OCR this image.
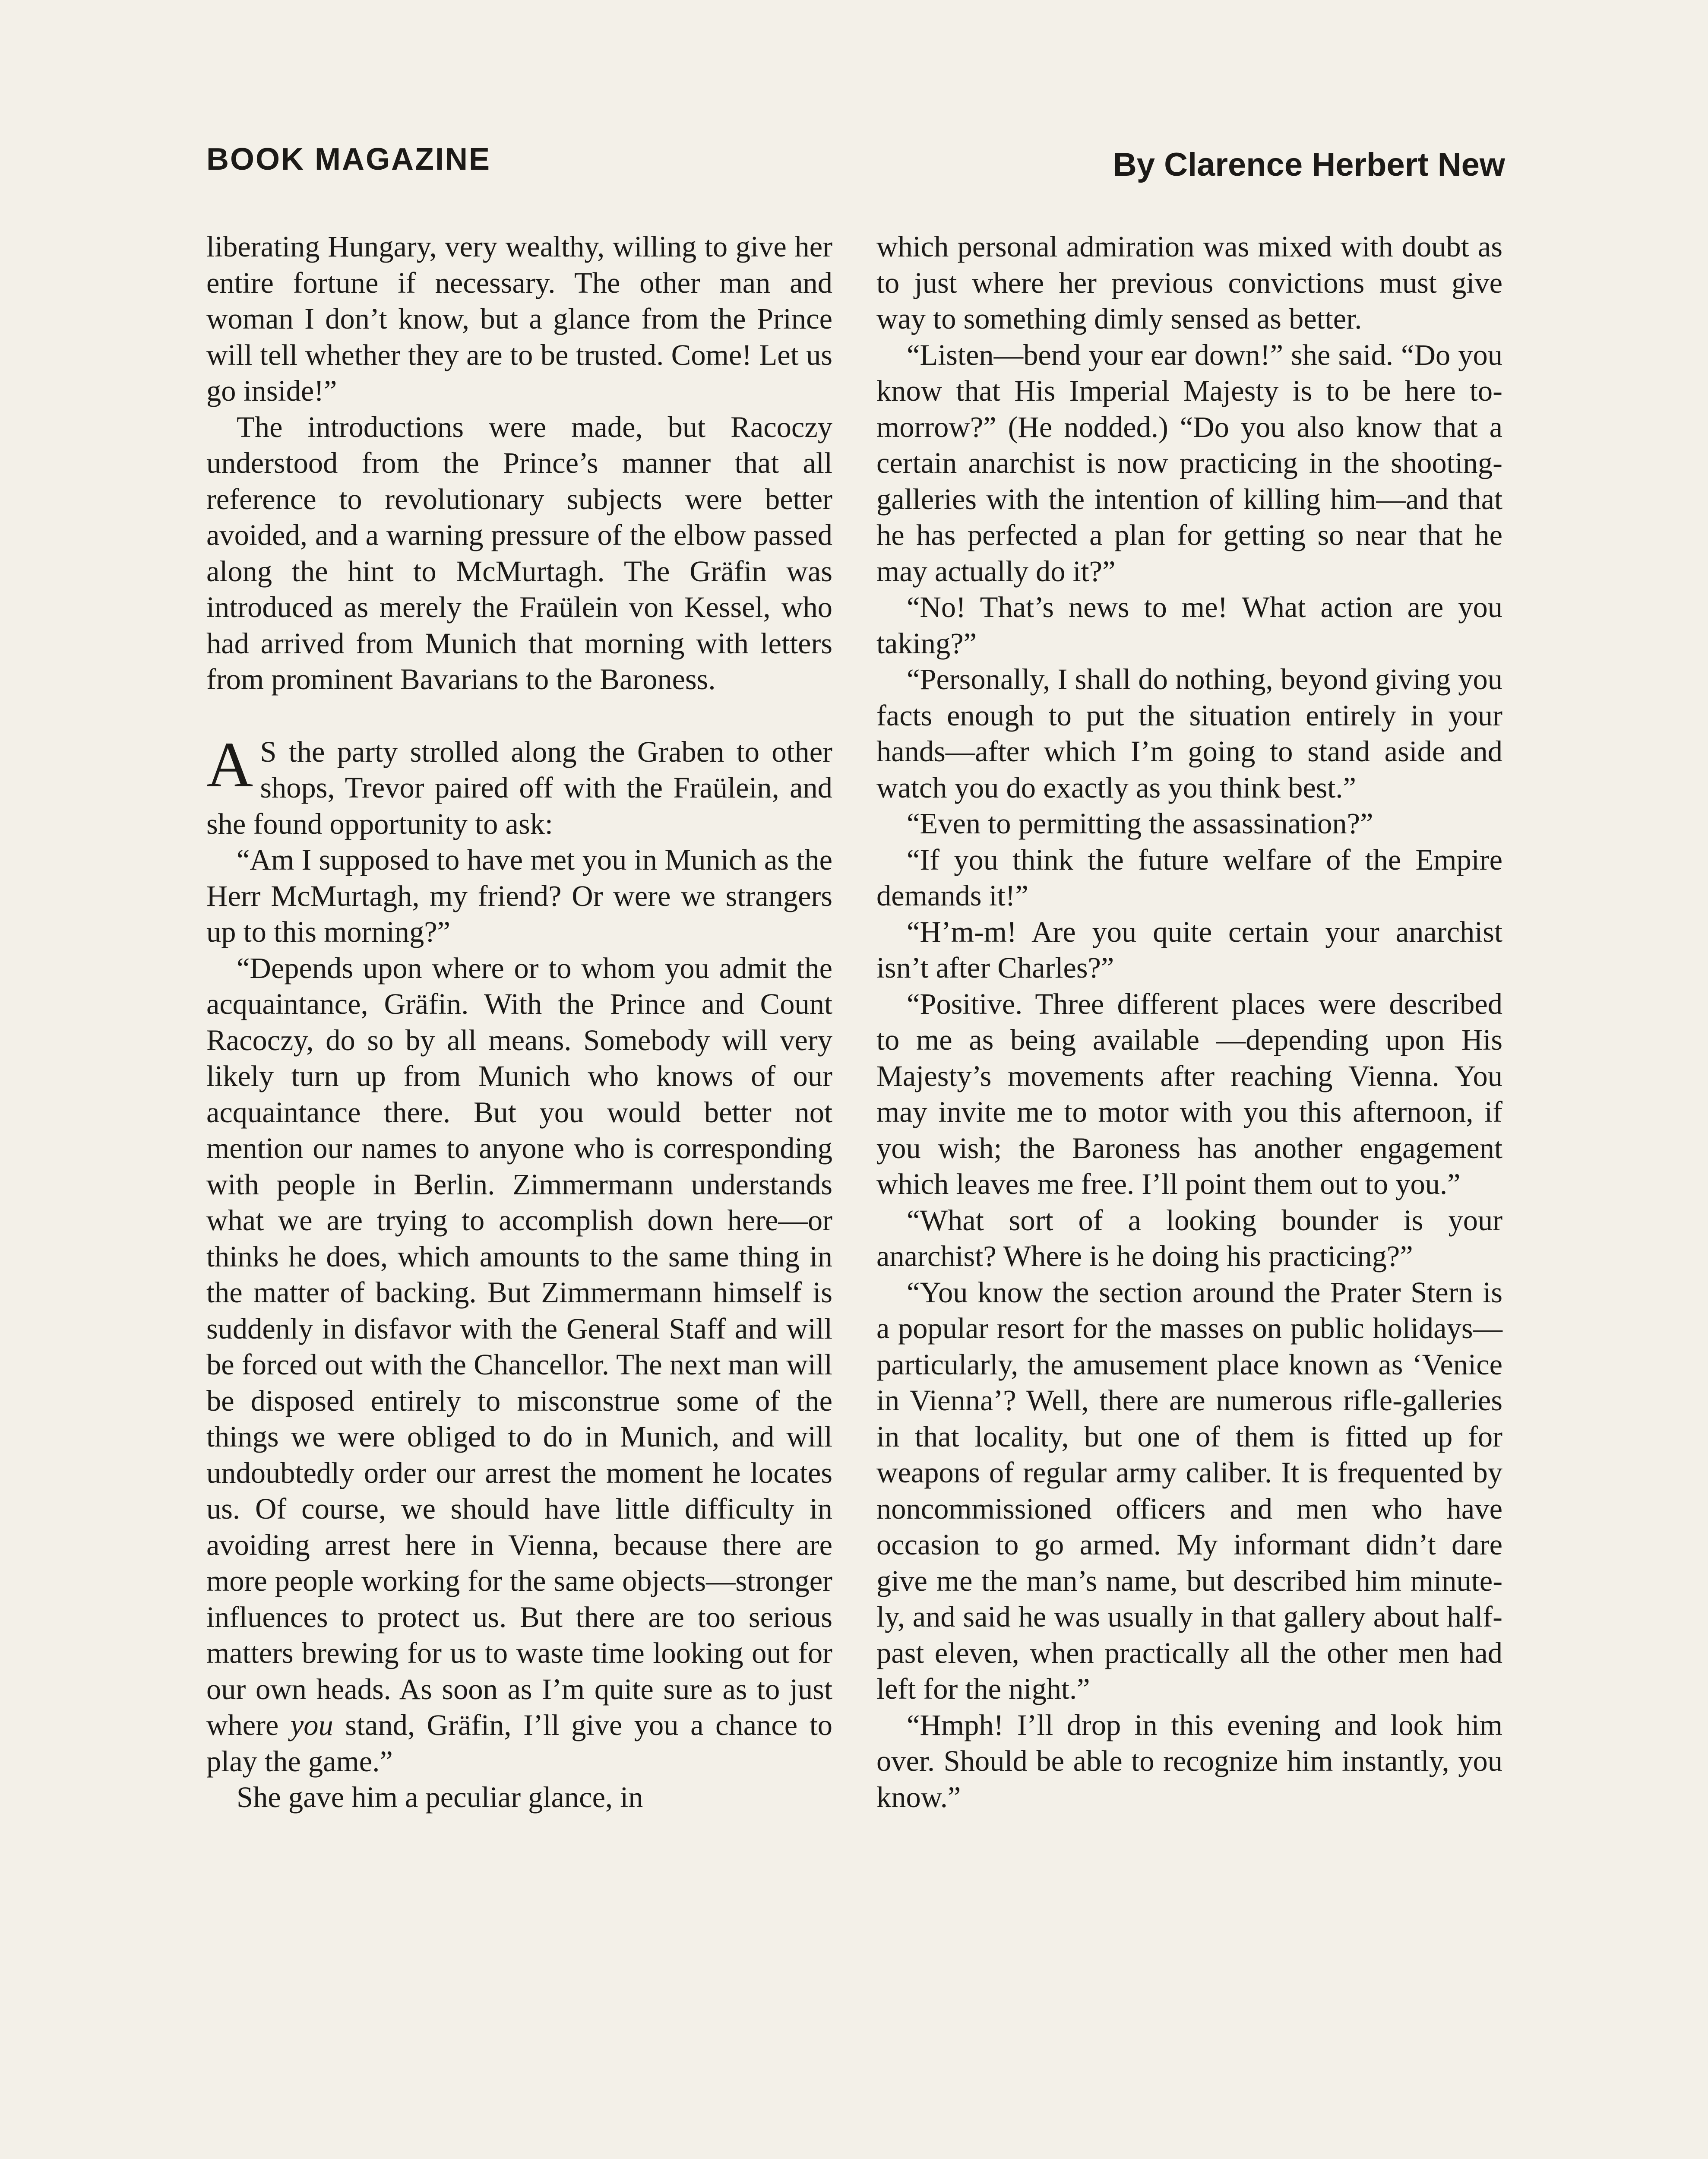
BOOK MAGAZINE	By Clarence Herbert New

liberating Hungary, very wealthy, willing to give her entire fortune if necessary. The other man and woman I don’t know, but a glance from the Prince will tell whether they are to be trusted. Come! Let us go inside!”

The introductions were made, but Racoczy understood from the Prince’s manner that all reference to revolutionary subjects were better avoided, and a warning pressure of the elbow passed along the hint to McMurtagh. The Gräfin was introduced as merely the Fraülein von Kessel, who had arrived from Munich that morning with letters from prominent Bavarians to the Baroness.

A S the party strolled along the Graben to other shops, Trevor paired off with the Fraülein, and she found opportunity to ask:

“Am I supposed to have met you in Munich as the Herr McMurtagh, my friend? Or were we strangers up to this morning?”

“Depends upon where or to whom you admit the acquaintance, Gräfin. With the Prince and Count Racoczy, do so by all means. Somebody will very likely turn up from Munich who knows of our acquaintance there. But you would better not mention our names to anyone who is corresponding with people in Berlin. Zimmermann understands what we are trying to accomplish down here—or thinks he does, which amounts to the same thing in the matter of backing. But Zimmermann himself is suddenly in disfavor with the General Staff and will be forced out with the Chancellor. The next man will be disposed entirely to misconstrue some of the things we were obliged to do in Munich, and will undoubtedly order our arrest the moment he locates us. Of course, we should have little difficulty in avoiding arrest here in Vienna, because there are more people working for the same objects—stronger influences to protect us. But there are too serious matters brewing for us to waste time looking out for our own heads. As soon as I’m quite sure as to just where you stand, Gräfin, I’ll give you a chance to play the game.”

She gave him a peculiar glance, in

which personal admiration was mixed with doubt as to just where her previous convictions must give way to something dimly sensed as better.

“Listen—bend your ear down!” she said. “Do you know that His Imperial Majesty is to be here to-morrow?” (He nodded.) “Do you also know that a certain anarchist is now practicing in the shooting-galleries with the intention of killing him—and that he has perfected a plan for getting so near that he may actually do it?”

“No! That’s news to me! What action are you taking?”

“Personally, I shall do nothing, beyond giving you facts enough to put the situation entirely in your hands—after which I’m going to stand aside and watch you do exactly as you think best.”

“Even to permitting the assassination?”

“If you think the future welfare of the Empire demands it!”

“H’m-m! Are you quite certain your anarchist isn’t after Charles?”

“Positive. Three different places were described to me as being available —depending upon His Majesty’s movements after reaching Vienna. You may invite me to motor with you this afternoon, if you wish; the Baroness has another engagement which leaves me free. I’ll point them out to you.”

“What sort of a looking bounder is your anarchist? Where is he doing his practicing?”

“You know the section around the Prater Stern is a popular resort for the masses on public holidays—particularly, the amusement place known as ‘Venice in Vienna’? Well, there are numerous rifle-galleries in that locality, but one of them is fitted up for weapons of regular army caliber. It is frequented by noncommissioned officers and men who have occasion to go armed. My informant didn’t dare give me the man’s name, but described him minutely, and said he was usually in that gallery about half-past eleven, when practically all the other men had left for the night.”

“Hmph! I’ll drop in this evening and look him over. Should be able to recognize him instantly, you know.”
